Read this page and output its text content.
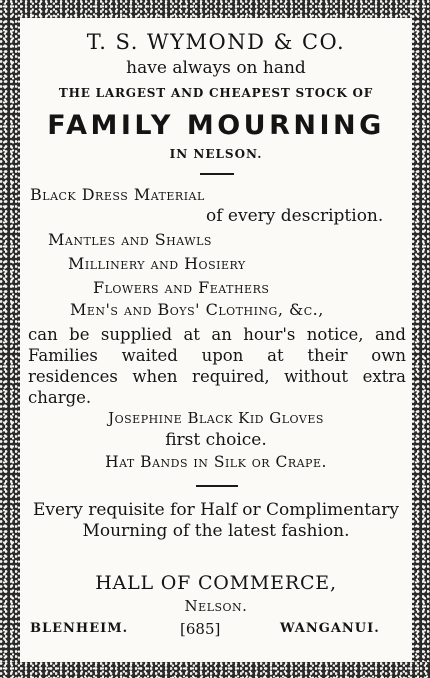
T. S. WYMOND & CO.
have always on hand
THE LARGEST AND CHEAPEST STOCK OF
FAMILY MOURNING
IN NELSON.
Black Dress Material
of every description.
Mantles and Shawls
Millinery and Hosiery
Flowers and Feathers
Men's and Boys' Clothing, &c.,
can be supplied at an hour's notice, and Families waited upon at their own residences when required, without extra charge.
Josephine Black Kid Gloves
first choice.
Hat Bands in Silk or Crape.
Every requisite for Half or Complimentary Mourning of the latest fashion.
HALL OF COMMERCE,
Nelson.
BLENHEIM.	[685]	WANGANUI.
